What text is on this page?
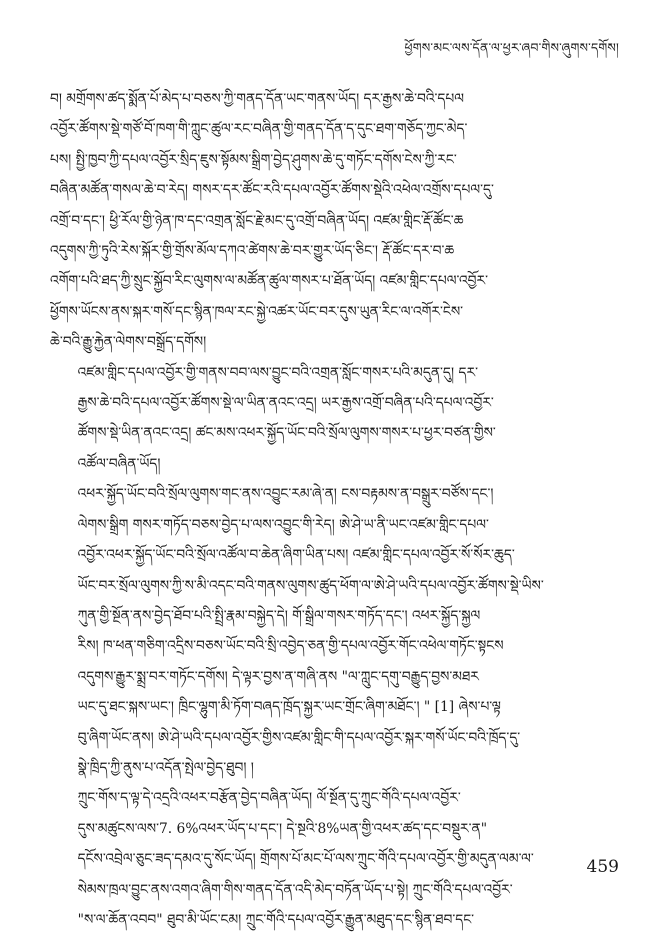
ཕྱོགས་མང་ལས་དོན་ལ་ཕྱར་ཞབ་གིས་ཞུགས་དགོས།

བ། མགྲོགས་ཚད་སྨོན་པོ་མེད་པ་བཅས་ཀྱི་གནད་དོན་ཡང་གནས་ཡོད། དར་རྒྱས་ཆེ་བའི་དཔལ
འབྱོར་ཚོགས་སྡེ་གཙོ་བོ་ཁག་གི་ཀླུང་ཚུལ་རང་བཞིན་གྱི་གནད་དོན་ད་དུང་ཐག་གཅོད་ཀྱང་མེད་
པས། སྤྱི་ཁྱབ་ཀྱི་དཔལ་འབྱོར་སྲིད་ཇུས་སྟོམས་སྒྲིག་བྱེད་ཤུགས་ཆེ་དུ་གཏོང་དགོས་ངེས་ཀྱི་རང་
བཞིན་མཚོན་གསལ་ཆེ་བ་རེད། གསར་དར་ཚོང་རའི་དཔལ་འབྱོར་ཚོགས་སྡེའི་འཕེལ་འགྲོས་དཔལ་དུ་
འགྲོ་བ་དང་། ཕྱི་རོལ་གྱི་ཉེན་ཁ་དང་འགྲན་སློང་རྗེ་མང་དུ་འགྲོ་བཞིན་ཡོད། འཛམ་གླིང་རྡོ་ཚོང་ཆ
འདུགས་ཀྱི་ཏུའི་རེས་སྐོར་གྱི་གྲོས་མོལ་དཀའ་ཚེགས་ཆེ་བར་གྱུར་ཡོད་ཅིང་། རྡོ་ཚོང་དར་བ་ཆ
འགོག་པའི་ཐད་ཀྱི་སྲུང་སྐྱོབ་རིང་ལུགས་ལ་མཚོན་ཚུལ་གསར་པ་ཐོན་ཡོད། འཛམ་གླིང་དཔལ་འབྱོར་
ཕྱོགས་ཡོངས་ནས་སྐར་གསོ་དང་སྙིན་ཁལ་རང་སྐྱེ་འཚར་ཡོང་བར་དུས་ཡུན་རིང་ལ་འགོར་ངེས་
ཆེ་བའི་རྒྱུ་རྐྱེན་ལེགས་བསྒྲོད་དགོས།

འཛམ་གླིང་དཔལ་འབྱོར་གྱི་གནས་བབ་ལས་བྱུང་བའི་འགྲན་སློང་གསར་པའི་མདུན་དུ། དར་
རྒྱས་ཆེ་བའི་དཔལ་འབྱོར་ཚོགས་སྡེ་ལ་ཡིན་ནའང་འདྲ། ཡར་རྒྱས་འགྲོ་བཞིན་པའི་དཔལ་འབྱོར་
ཚོགས་སྡེ་ཡིན་ནའང་འདྲ། ཚང་མས་འཕར་སྐྱོད་ཡོང་བའི་སྲོལ་ལུགས་གསར་པ་ཕྱར་བཙན་གྱིས་
འཚོལ་བཞིན་ཡོད།

འཕར་སྐྱོད་ཡོང་བའི་སྲོལ་ལུགས་གང་ནས་འབྱུང་རམ་ཞེ་ན། ངས་བརྟམས་ན་བསྒྲུར་བཙོས་དང་།
ལེགས་སྒྲིག གསར་གཏོད་བཅས་བྱེད་པ་ལས་འབྱུང་གི་རེད། ཨེ་ཤེ་ཡ་ནི་ཡང་འཛམ་གླིང་དཔལ་
འབྱོར་འཕར་སྐྱོད་ཡོང་བའི་སྲོལ་འཚོལ་བ་ཆེན་ཞིག་ཡིན་པས། འཛམ་གླིང་དཔལ་འབྱོར་སོ་སོར་ཆུད་
ཡོང་བར་སྲོལ་ལུགས་ཀྱི་ས་མི་འདང་བའི་གནས་ལུགས་ཚུད་ཕོག་ལ་ཨེ་ཤེ་ཡའི་དཔལ་འབྱོར་ཚོགས་སྡེ་ཡིས་
ཀུན་གྱི་སྔོན་ནས་བྱེད་ཐོབ་པའི་སྤྲི་རྣམ་བསྐྱེད་དེ། གོ་སྒྲིལ་གསར་གཏོད་དང་། འཕར་སྐྱོད་སྐྱལ
རིས། ཁ་ཕན་གཅིག་འདྲིས་བཅས་ཡོང་བའི་སྲི་འབྱེད་ཅན་གྱི་དཔལ་འབྱོར་གོང་འཕེལ་གཏོང་སྟངས
འདུགས་རྒྱུར་སྨྲ་བར་གཏོང་དགོས། དེ་ལྟར་བྱས་ན་གཞི་ནས "ལ་ཀླུང་དགུ་བརྒྱུད་བྱས་མཐར
ཡང་དུ་ཐང་སྐས་ཡང་། ཁྲིང་ལྷུག་མི་ཏོག་བཞད་ཁྲོད་སྐྱར་ཡང་གྲོང་ཞིག་མཐོང་། " [1] ཞེས་པ་ལྟ
བུ་ཞིག་ཡོང་ནས། ཨེ་ཤེ་ཡའི་དཔལ་འབྱོར་གྱིས་འཛམ་གླིང་གི་དཔལ་འབྱོར་སྐར་གསོ་ཡོང་བའི་ཁྲོད་དུ་
སྣེ་ཁྲིད་ཀྱི་ནུས་པ་འདོན་སྤེལ་བྱེད་ཐུབ། །

ཀྲུང་གོས་ད་ལྟ་དེ་འདྲའི་འཕར་བརྩོན་བྱེད་བཞིན་ཡོད། ལོ་སྔོན་དུ་ཀྲུང་གོའི་དཔལ་འབྱོར་
དུས་མཚུངས་ལས་7. 6%འཕར་ཡོད་པ་དང་། དེ་སྔའི་8%ཡན་གྱི་འཕར་ཚད་དང་བསྡུར་ན"
དངོས་འབྲེལ་ཅུང་ཟད་དམའ་དུ་སོང་ཡོད། གྲོགས་པོ་མང་པོ་ལས་ཀྲུང་གོའི་དཔལ་འབྱོར་གྱི་མདུན་ལམ་ལ་
སེམས་ཁྲལ་བྱུང་ནས་འགའ་ཞིག་གིས་གནད་དོན་འདི་མེད་བཏོན་ཡོད་པ་སྟེ། ཀྲུང་གོའི་དཔལ་འབྱོར་
"ས་ལ་ཆོན་འབབ" ཐུབ་མི་ཡོང་ངམ། ཀྲུང་གོའི་དཔལ་འབྱོར་རྒྱུན་མཐུད་དང་སྙིན་ཐབ་དང་

459
